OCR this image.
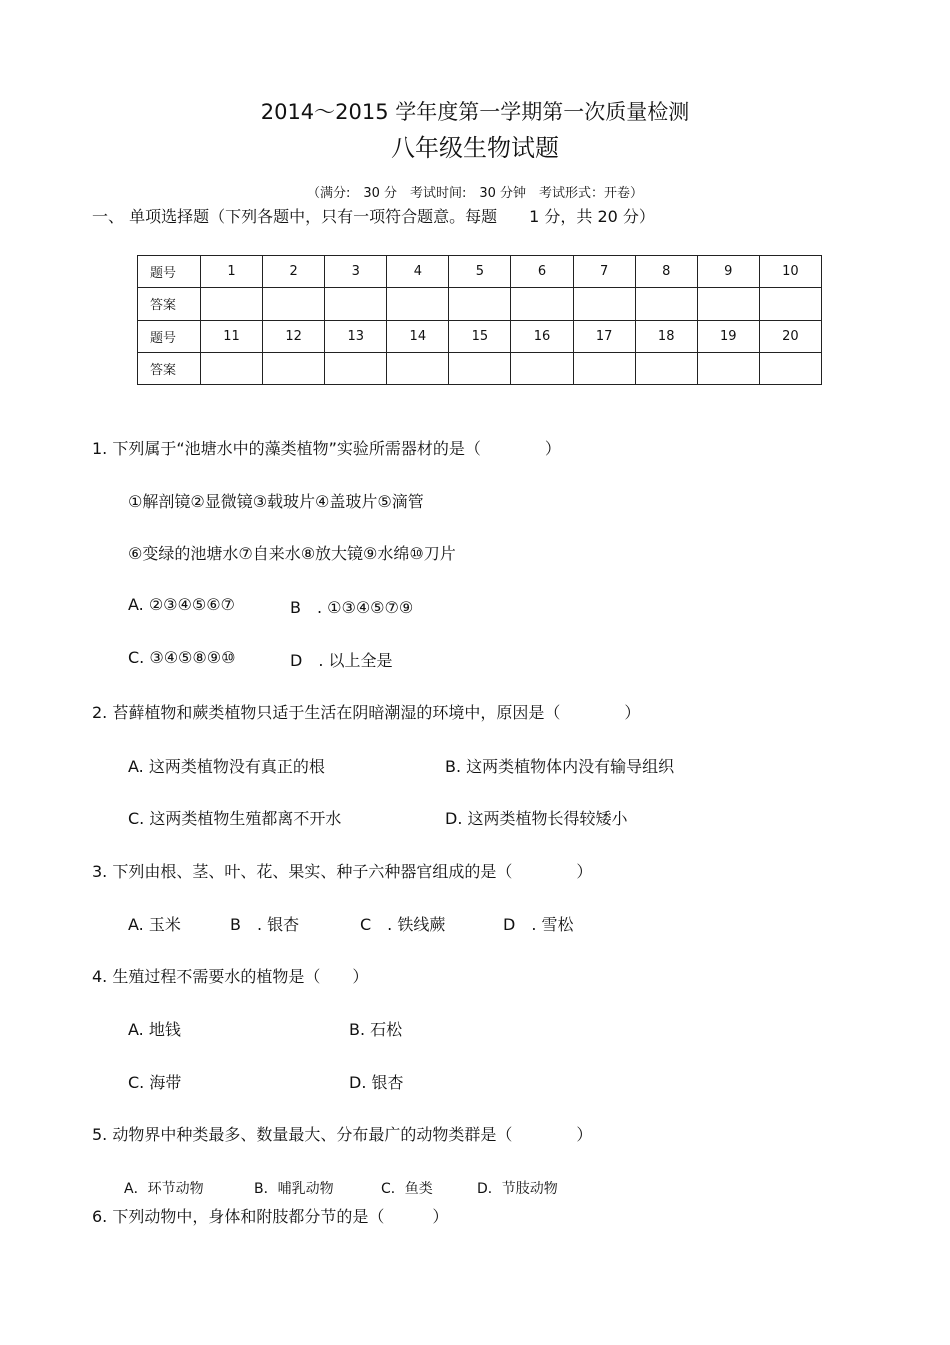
2014～2015 学年度第一学期第一次质量检测
八年级生物试题
（满分:　30 分　考试时间:　30 分钟　考试形式：开卷）
一、 单项选择题（下列各题中，只有一项符合题意。每题　　1 分，共 20 分）
题号	1	2	3	4	5	6	7	8	9	10
答案										
题号	11	12	13	14	15	16	17	18	19	20
答案										
1. 下列属于“池塘水中的藻类植物”实验所需器材的是（　　　　）
①解剖镜②显微镜③载玻片④盖玻片⑤滴管
⑥变绿的池塘水⑦自来水⑧放大镜⑨水绵⑩刀片
A. ②③④⑤⑥⑦	B　. ①③④⑤⑦⑨
C. ③④⑤⑧⑨⑩	D　. 以上全是
2. 苔藓植物和蕨类植物只适于生活在阴暗潮湿的环境中，原因是（　　　　）
A. 这两类植物没有真正的根	B. 这两类植物体内没有输导组织
C. 这两类植物生殖都离不开水	D. 这两类植物长得较矮小
3. 下列由根、茎、叶、花、果实、种子六种器官组成的是（　　　　）
A. 玉米	B　. 银杏	C　. 铁线蕨	D　. 雪松
4. 生殖过程不需要水的植物是（　　）
A. 地钱	B. 石松
C. 海带	D. 银杏
5. 动物界中种类最多、数量最大、分布最广的动物类群是（　　　　）
A．环节动物	B．哺乳动物	C．鱼类	D．节肢动物
6. 下列动物中，身体和附肢都分节的是（　　　）
